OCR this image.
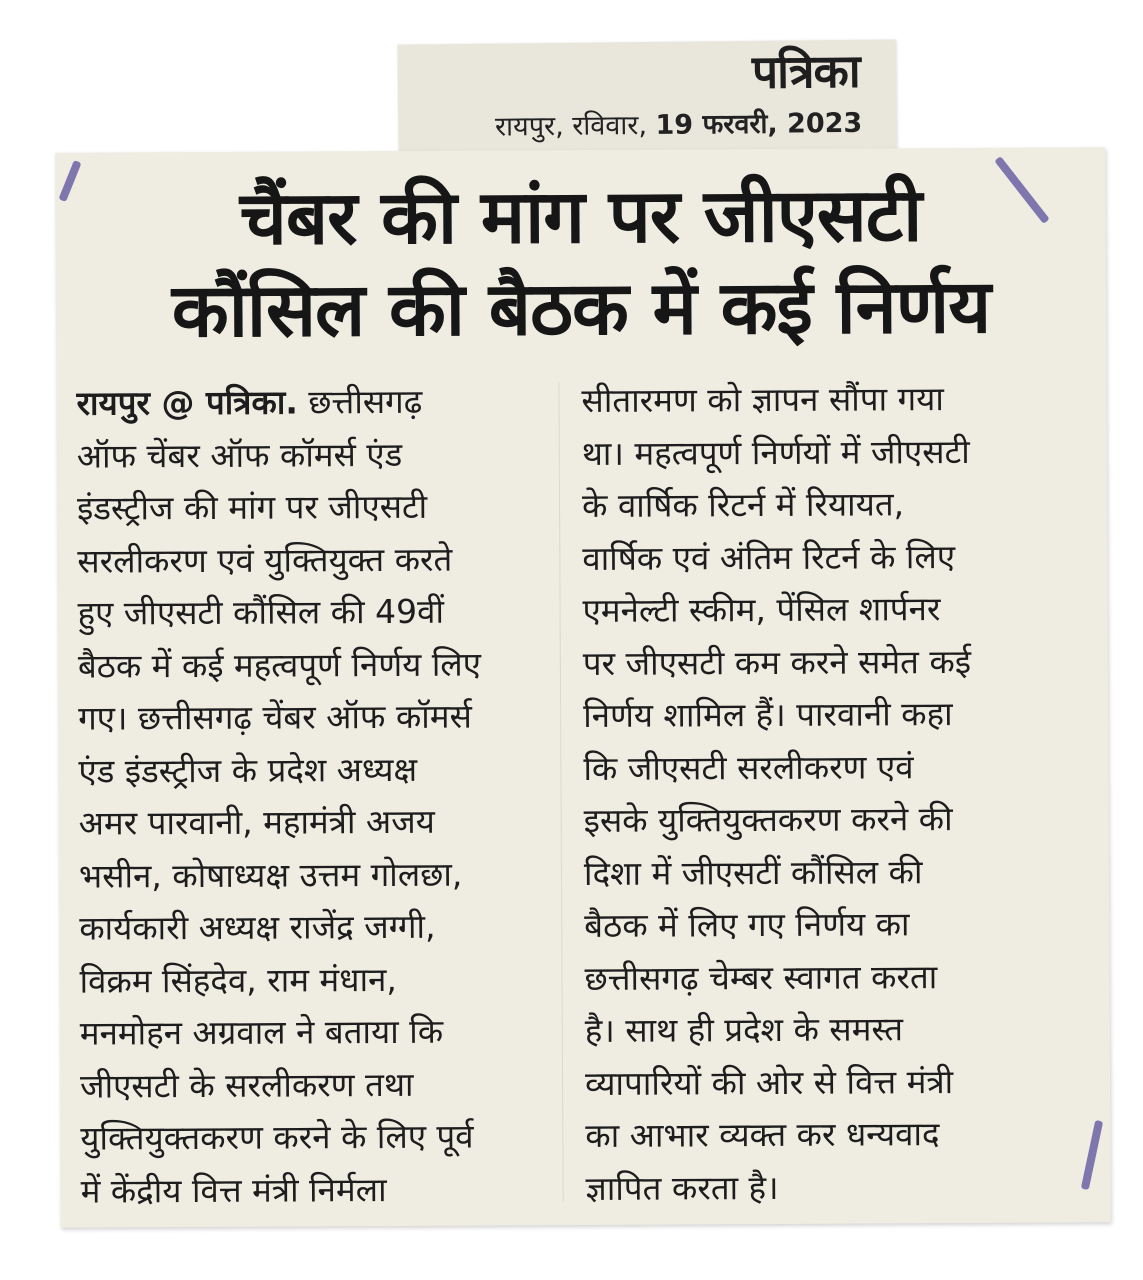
पत्रिका
रायपुर, रविवार, 19 फरवरी, 2023
चैंबर की मांग पर जीएसटी
कौंसिल की बैठक में कई निर्णय
रायपुर @ पत्रिका. छत्तीसगढ़
ऑफ चेंबर ऑफ कॉमर्स एंड
इंडस्ट्रीज की मांग पर जीएसटी
सरलीकरण एवं युक्तियुक्त करते
हुए जीएसटी कौंसिल की 49वीं
बैठक में कई महत्वपूर्ण निर्णय लिए
गए। छत्तीसगढ़ चेंबर ऑफ कॉमर्स
एंड इंडस्ट्रीज के प्रदेश अध्यक्ष
अमर पारवानी, महामंत्री अजय
भसीन, कोषाध्यक्ष उत्तम गोलछा,
कार्यकारी अध्यक्ष राजेंद्र जग्गी,
विक्रम सिंहदेव, राम मंधान,
मनमोहन अग्रवाल ने बताया कि
जीएसटी के सरलीकरण तथा
युक्तियुक्तकरण करने के लिए पूर्व
में केंद्रीय वित्त मंत्री निर्मला
सीतारमण को ज्ञापन सौंपा गया
था। महत्वपूर्ण निर्णयों में जीएसटी
के वार्षिक रिटर्न में रियायत,
वार्षिक एवं अंतिम रिटर्न के लिए
एमनेल्टी स्कीम, पेंसिल शार्पनर
पर जीएसटी कम करने समेत कई
निर्णय शामिल हैं। पारवानी कहा
कि जीएसटी सरलीकरण एवं
इसके युक्तियुक्तकरण करने की
दिशा में जीएसटीं कौंसिल की
बैठक में लिए गए निर्णय का
छत्तीसगढ़ चेम्बर स्वागत करता
है। साथ ही प्रदेश के समस्त
व्यापारियों की ओर से वित्त मंत्री
का आभार व्यक्त कर धन्यवाद
ज्ञापित करता है।
